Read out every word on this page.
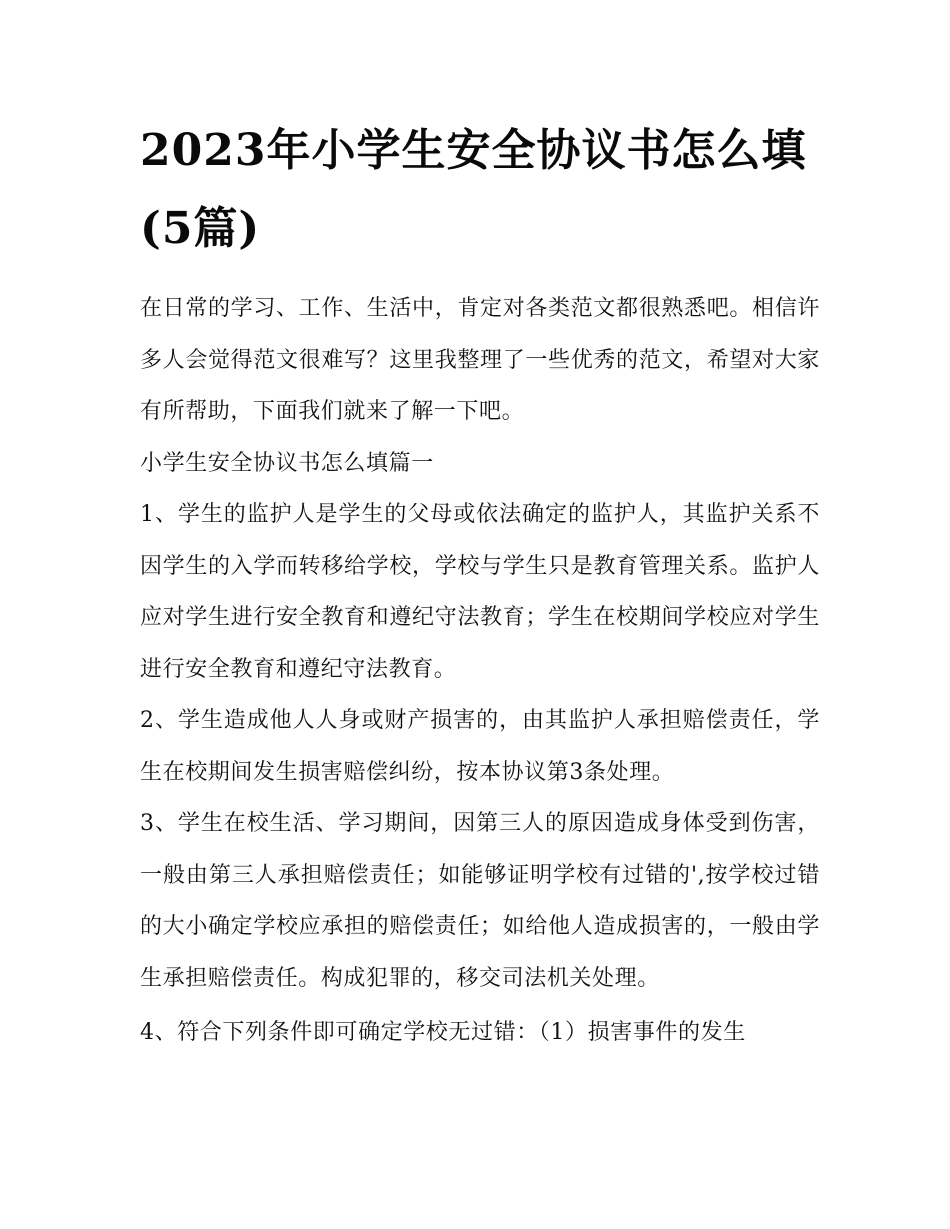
2023年小学生安全协议书怎么填(5篇)

在日常的学习、工作、生活中，肯定对各类范文都很熟悉吧。相信许多人会觉得范文很难写？这里我整理了一些优秀的范文，希望对大家有所帮助，下面我们就来了解一下吧。

小学生安全协议书怎么填篇一

1、学生的监护人是学生的父母或依法确定的监护人，其监护关系不因学生的入学而转移给学校，学校与学生只是教育管理关系。监护人应对学生进行安全教育和遵纪守法教育；学生在校期间学校应对学生进行安全教育和遵纪守法教育。

2、学生造成他人人身或财产损害的，由其监护人承担赔偿责任，学生在校期间发生损害赔偿纠纷，按本协议第3条处理。

3、学生在校生活、学习期间，因第三人的原因造成身体受到伤害，一般由第三人承担赔偿责任；如能够证明学校有过错的',按学校过错的大小确定学校应承担的赔偿责任；如给他人造成损害的，一般由学生承担赔偿责任。构成犯罪的，移交司法机关处理。

4、符合下列条件即可确定学校无过错：（1）损害事件的发生
